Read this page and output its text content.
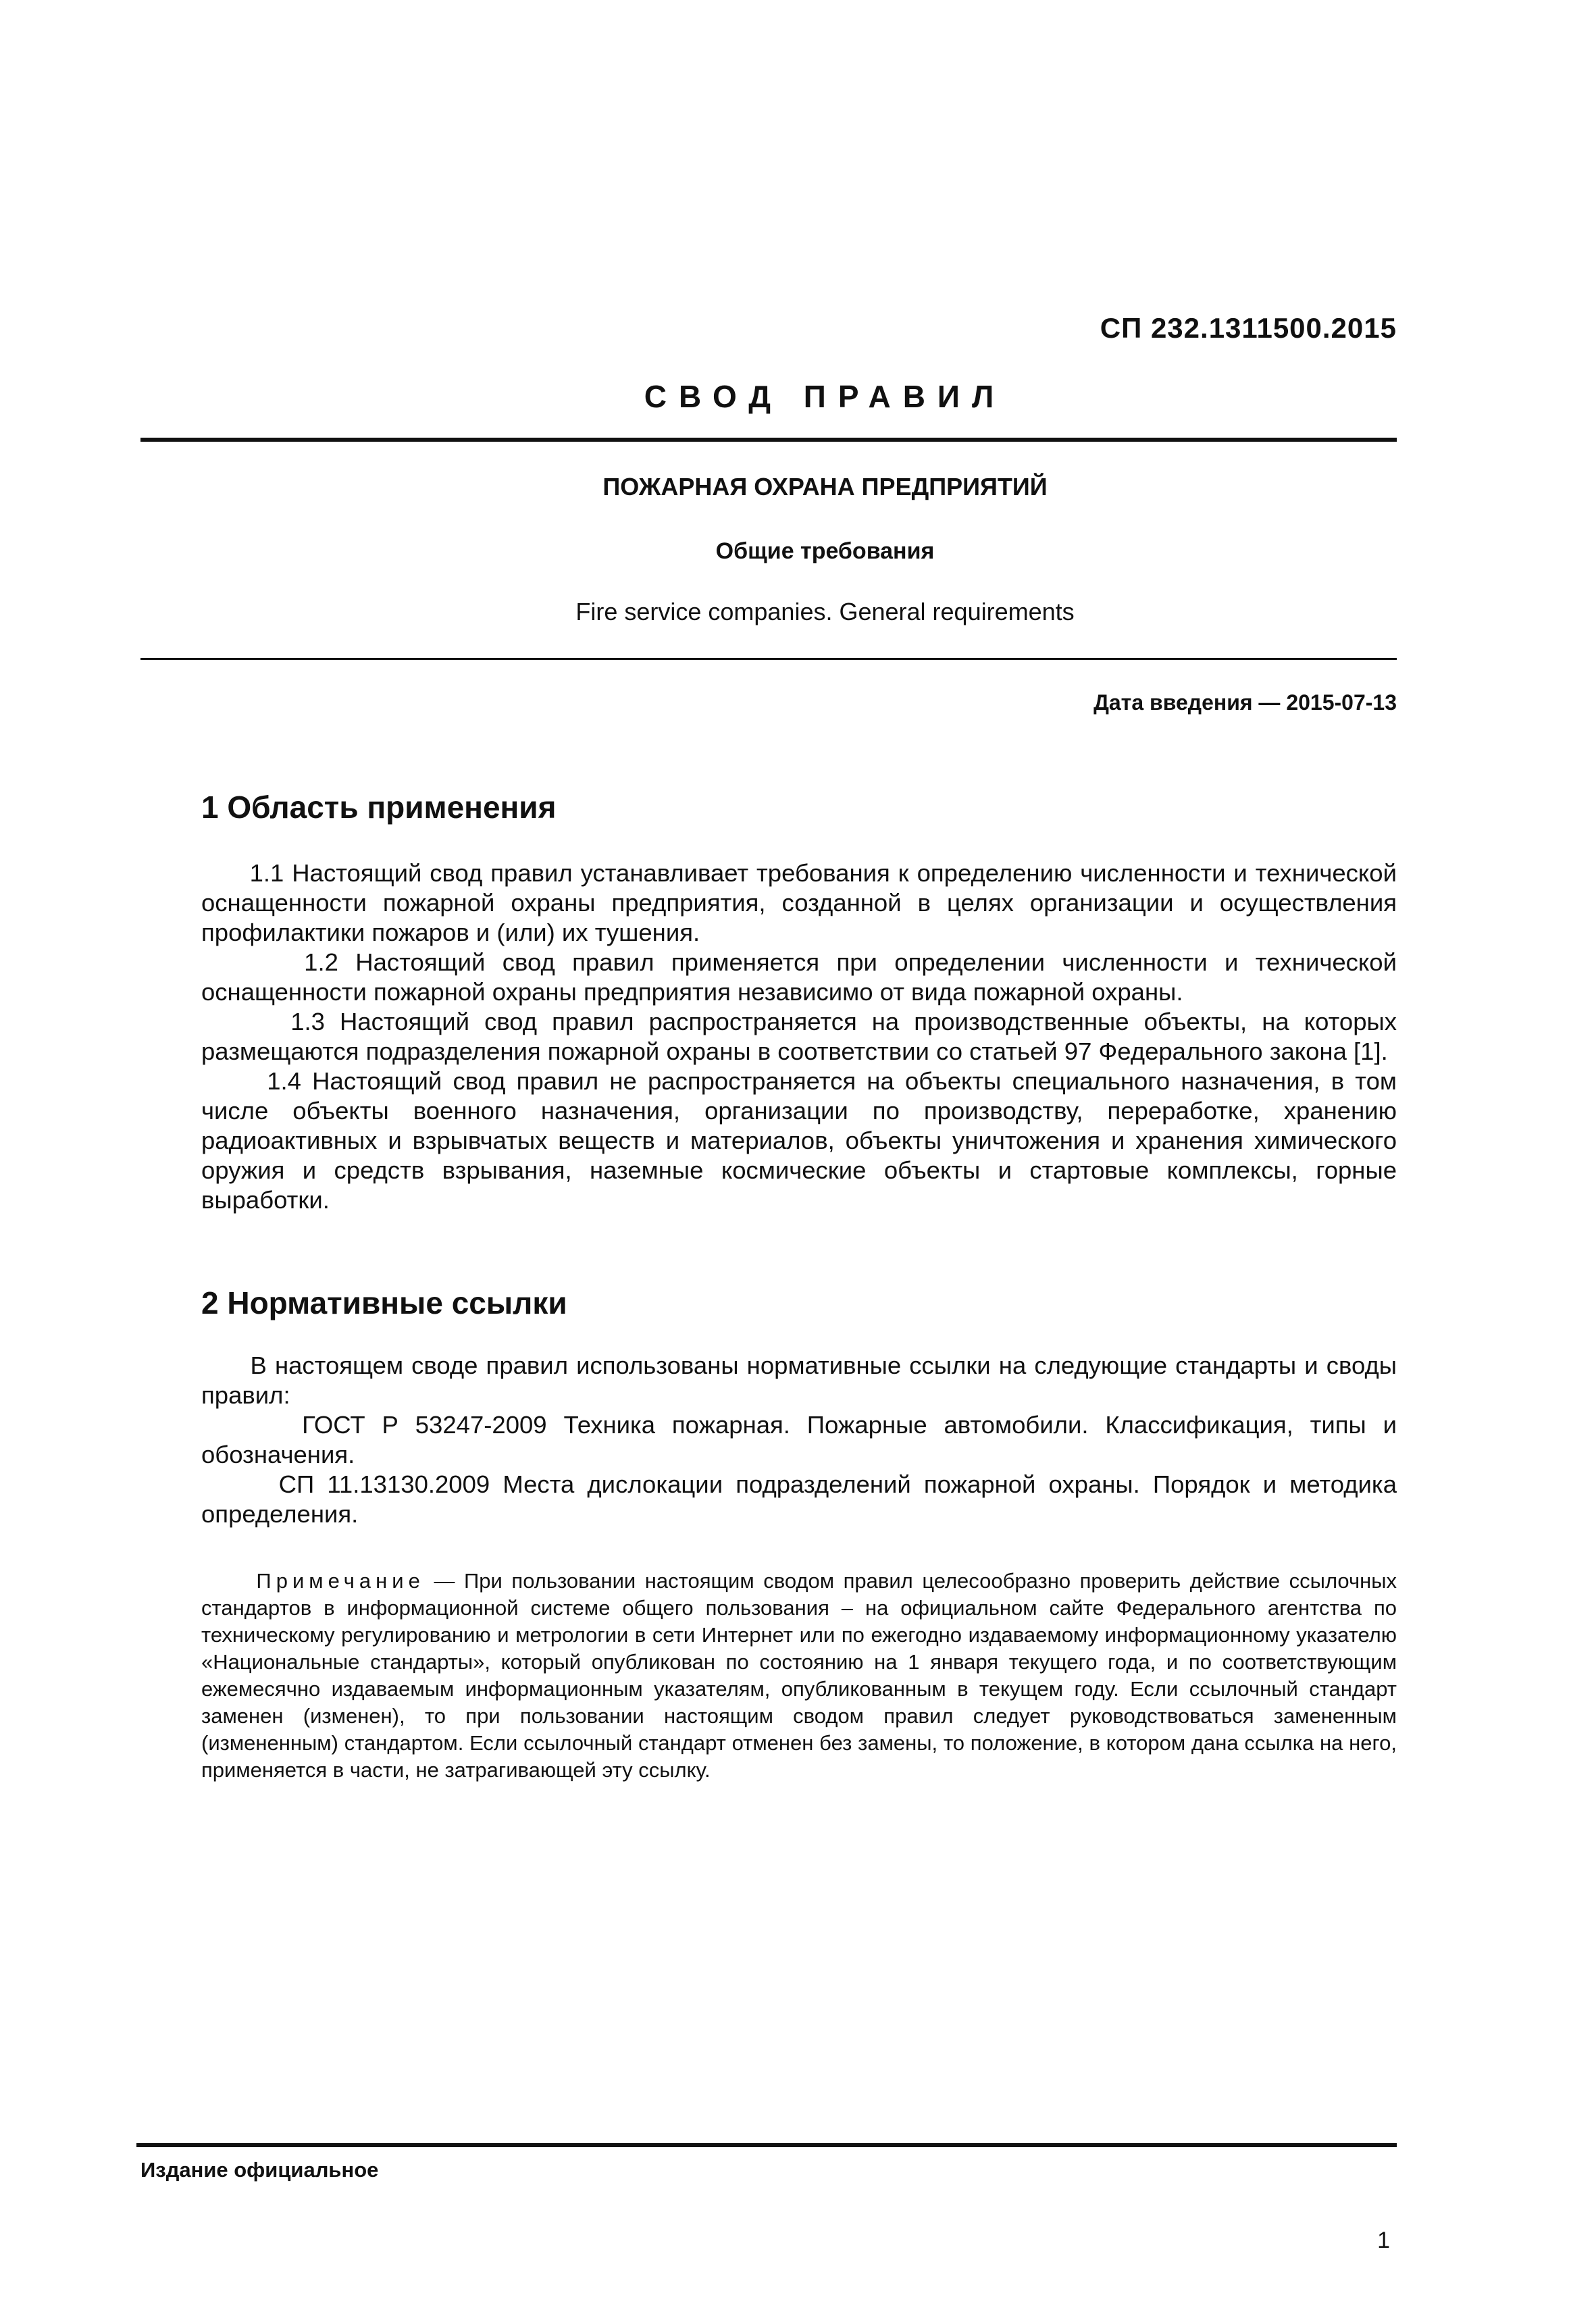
СП 232.1311500.2015
СВОД ПРАВИЛ
ПОЖАРНАЯ ОХРАНА ПРЕДПРИЯТИЙ
Общие требования
Fire service companies. General requirements
Дата введения — 2015-07-13
1 Область применения

1.1 Настоящий свод правил устанавливает требования к определению численности и технической оснащенности пожарной охраны предприятия, созданной в целях организации и осуществления профилактики пожаров и (или) их тушения.

1.2 Настоящий свод правил применяется при определении численности и технической оснащенности пожарной охраны предприятия независимо от вида пожарной охраны.

1.3 Настоящий свод правил распространяется на производственные объекты, на которых размещаются подразделения пожарной охраны в соответствии со статьей 97 Федерального закона [1].

1.4 Настоящий свод правил не распространяется на объекты специального назначения, в том числе объекты военного назначения, организации по производству, переработке, хранению радиоактивных и взрывчатых веществ и материалов, объекты уничтожения и хранения химического оружия и средств взрывания, наземные космические объекты и стартовые комплексы, горные выработки.

2 Нормативные ссылки

В настоящем своде правил использованы нормативные ссылки на следующие стандарты и своды правил:

ГОСТ Р 53247-2009 Техника пожарная. Пожарные автомобили. Классификация, типы и обозначения.

СП 11.13130.2009 Места дислокации подразделений пожарной охраны. Порядок и методика определения.

Примечание — При пользовании настоящим сводом правил целесообразно проверить действие ссылочных стандартов в информационной системе общего пользования – на официальном сайте Федерального агентства по техническому регулированию и метрологии в сети Интернет или по ежегодно издаваемому информационному указателю «Национальные стандарты», который опубликован по состоянию на 1 января текущего года, и по соответствующим ежемесячно издаваемым информационным указателям, опубликованным в текущем году. Если ссылочный стандарт заменен (изменен), то при пользовании настоящим сводом правил следует руководствоваться замененным (измененным) стандартом. Если ссылочный стандарт отменен без замены, то положение, в котором дана ссылка на него, применяется в части, не затрагивающей эту ссылку.
Издание официальное
1
